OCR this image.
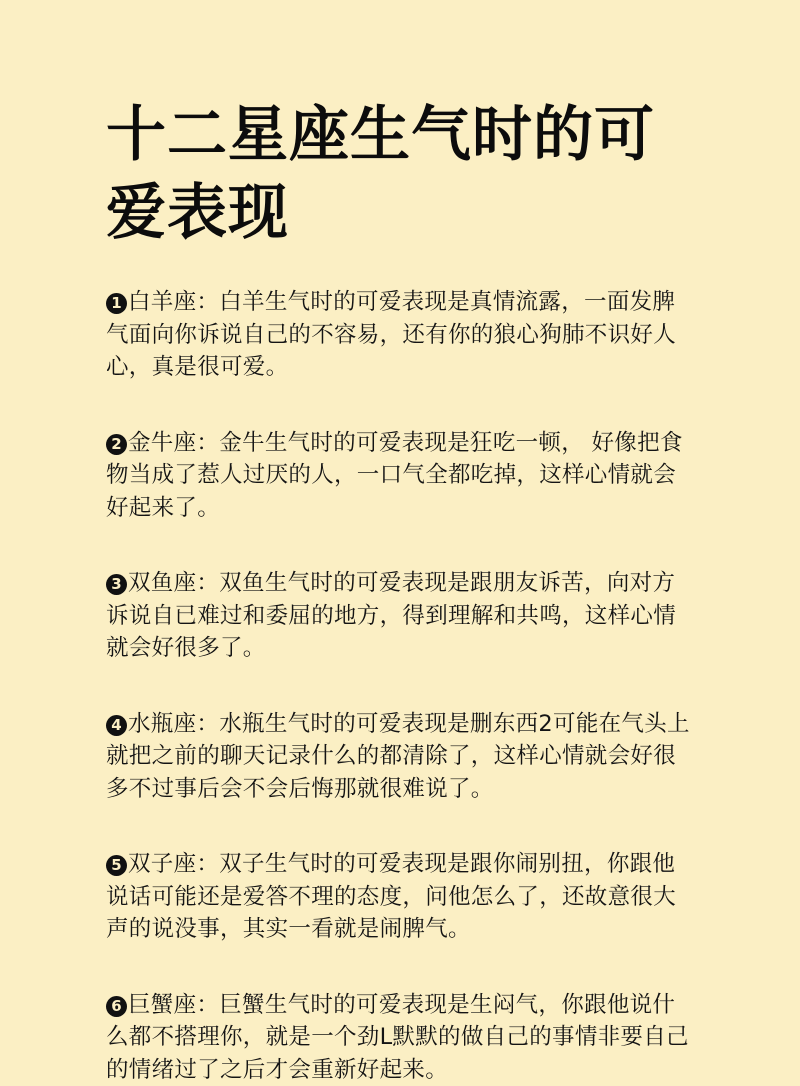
十二星座生气时的可爱表现

1 白羊座：白羊生气时的可爱表现是真情流露，一面发脾气面向你诉说自己的不容易，还有你的狼心狗肺不识好人心，真是很可爱。

2 金牛座：金牛生气时的可爱表现是狂吃一顿， 好像把食物当成了惹人过厌的人，一口气全都吃掉，这样心情就会好起来了。

3 双鱼座：双鱼生气时的可爱表现是跟朋友诉苦，向对方诉说自已难过和委屈的地方，得到理解和共鸣，这样心情就会好很多了。

4 水瓶座：水瓶生气时的可爱表现是删东西2可能在气头上就把之前的聊天记录什么的都清除了，这样心情就会好很多不过事后会不会后悔那就很难说了。

5 双子座：双子生气时的可爱表现是跟你闹别扭，你跟他说话可能还是爱答不理的态度，问他怎么了，还故意很大声的说没事，其实一看就是闹脾气。

6 巨蟹座：巨蟹生气时的可爱表现是生闷气，你跟他说什么都不搭理你，就是一个劲L默默的做自己的事情非要自己的情绪过了之后才会重新好起来。
